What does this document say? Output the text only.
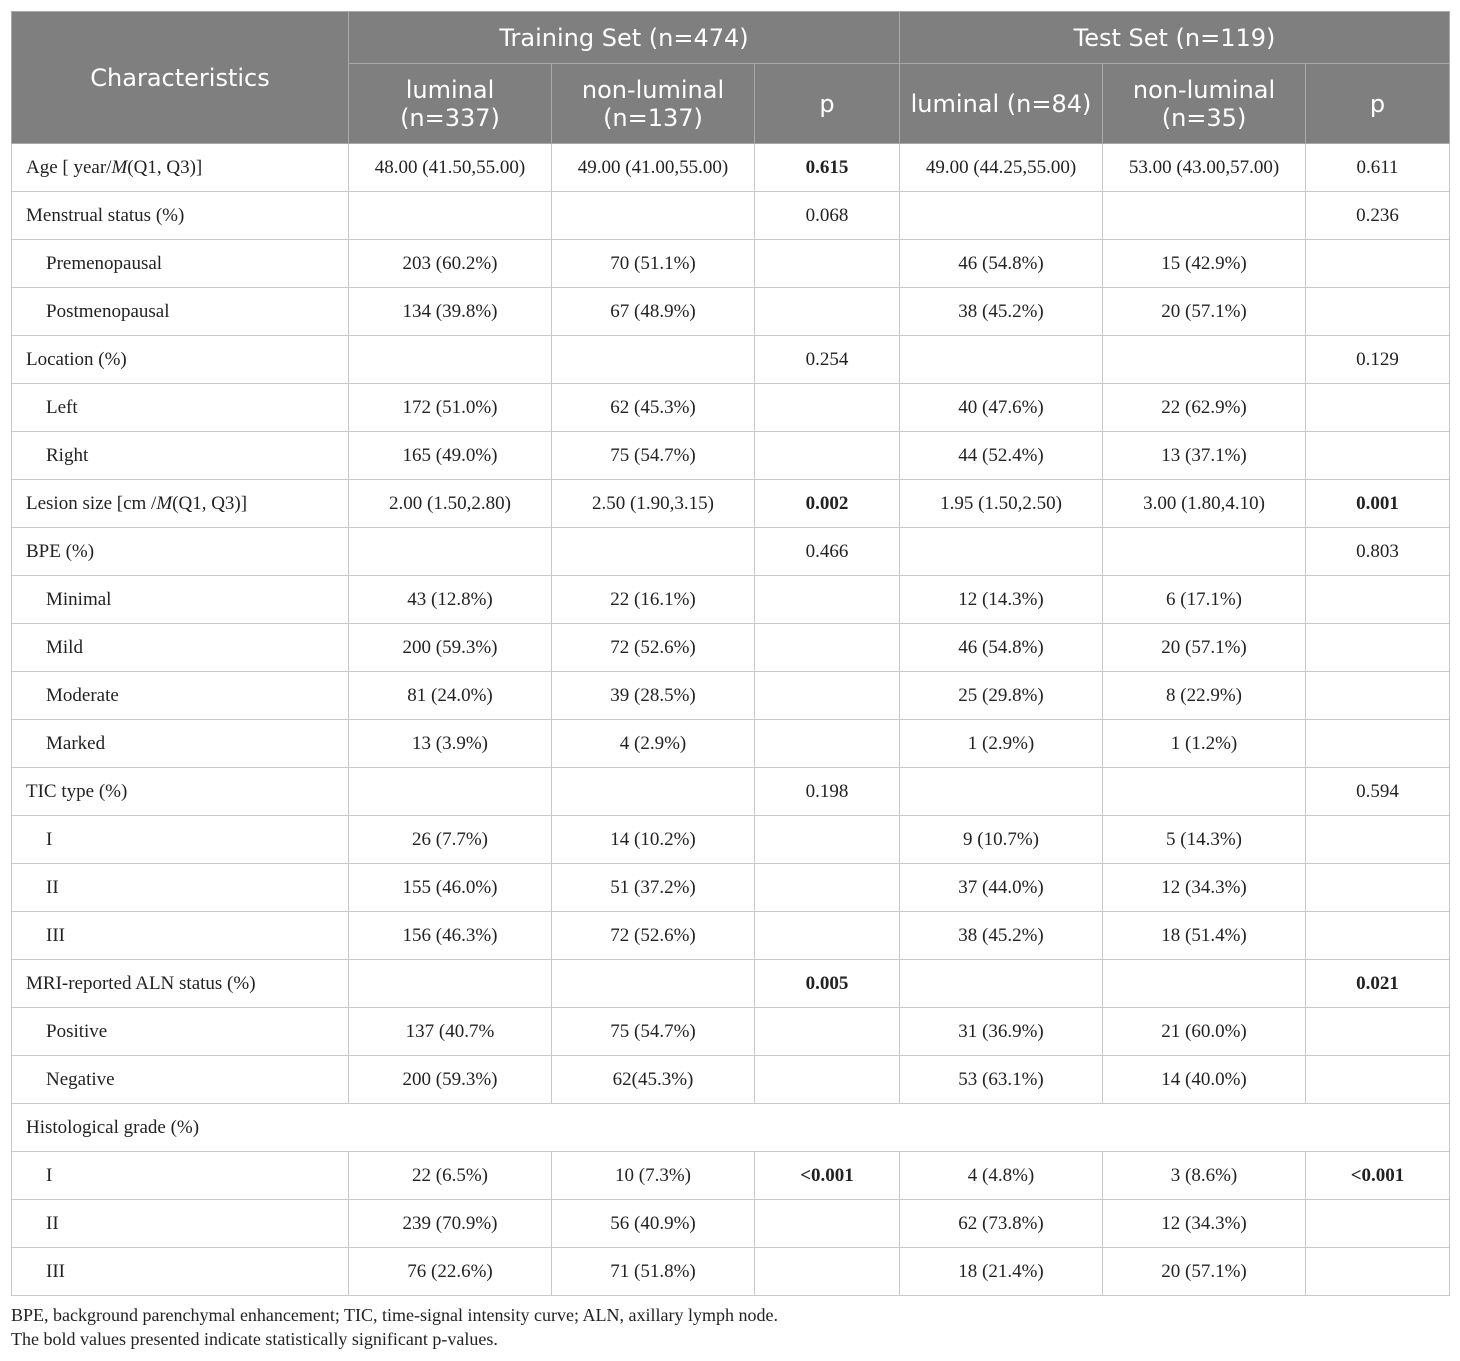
Characteristics	Training Set (n=474)			Test Set (n=119)		
	luminal (n=337)	non-luminal (n=137)	p	luminal (n=84)	non-luminal (n=35)	p
Age [ year/M(Q1, Q3)]	48.00 (41.50,55.00)	49.00 (41.00,55.00)	0.615	49.00 (44.25,55.00)	53.00 (43.00,57.00)	0.611
Menstrual status (%)			0.068			0.236
Premenopausal	203 (60.2%)	70 (51.1%)		46 (54.8%)	15 (42.9%)	
Postmenopausal	134 (39.8%)	67 (48.9%)		38 (45.2%)	20 (57.1%)	
Location (%)			0.254			0.129
Left	172 (51.0%)	62 (45.3%)		40 (47.6%)	22 (62.9%)	
Right	165 (49.0%)	75 (54.7%)		44 (52.4%)	13 (37.1%)	
Lesion size [cm /M(Q1, Q3)]	2.00 (1.50,2.80)	2.50 (1.90,3.15)	0.002	1.95 (1.50,2.50)	3.00 (1.80,4.10)	0.001
BPE (%)			0.466			0.803
Minimal	43 (12.8%)	22 (16.1%)		12 (14.3%)	6 (17.1%)	
Mild	200 (59.3%)	72 (52.6%)		46 (54.8%)	20 (57.1%)	
Moderate	81 (24.0%)	39 (28.5%)		25 (29.8%)	8 (22.9%)	
Marked	13 (3.9%)	4 (2.9%)		1 (2.9%)	1 (1.2%)	
TIC type (%)			0.198			0.594
I	26 (7.7%)	14 (10.2%)		9 (10.7%)	5 (14.3%)	
II	155 (46.0%)	51 (37.2%)		37 (44.0%)	12 (34.3%)	
III	156 (46.3%)	72 (52.6%)		38 (45.2%)	18 (51.4%)	
MRI-reported ALN status (%)			0.005			0.021
Positive	137 (40.7%	75 (54.7%)		31 (36.9%)	21 (60.0%)	
Negative	200 (59.3%)	62(45.3%)		53 (63.1%)	14 (40.0%)	
Histological grade (%)						
I	22 (6.5%)	10 (7.3%)	<0.001	4 (4.8%)	3 (8.6%)	<0.001
II	239 (70.9%)	56 (40.9%)		62 (73.8%)	12 (34.3%)	
III	76 (22.6%)	71 (51.8%)		18 (21.4%)	20 (57.1%)	
BPE, background parenchymal enhancement; TIC, time-signal intensity curve; ALN, axillary lymph node.
The bold values presented indicate statistically significant p-values.
